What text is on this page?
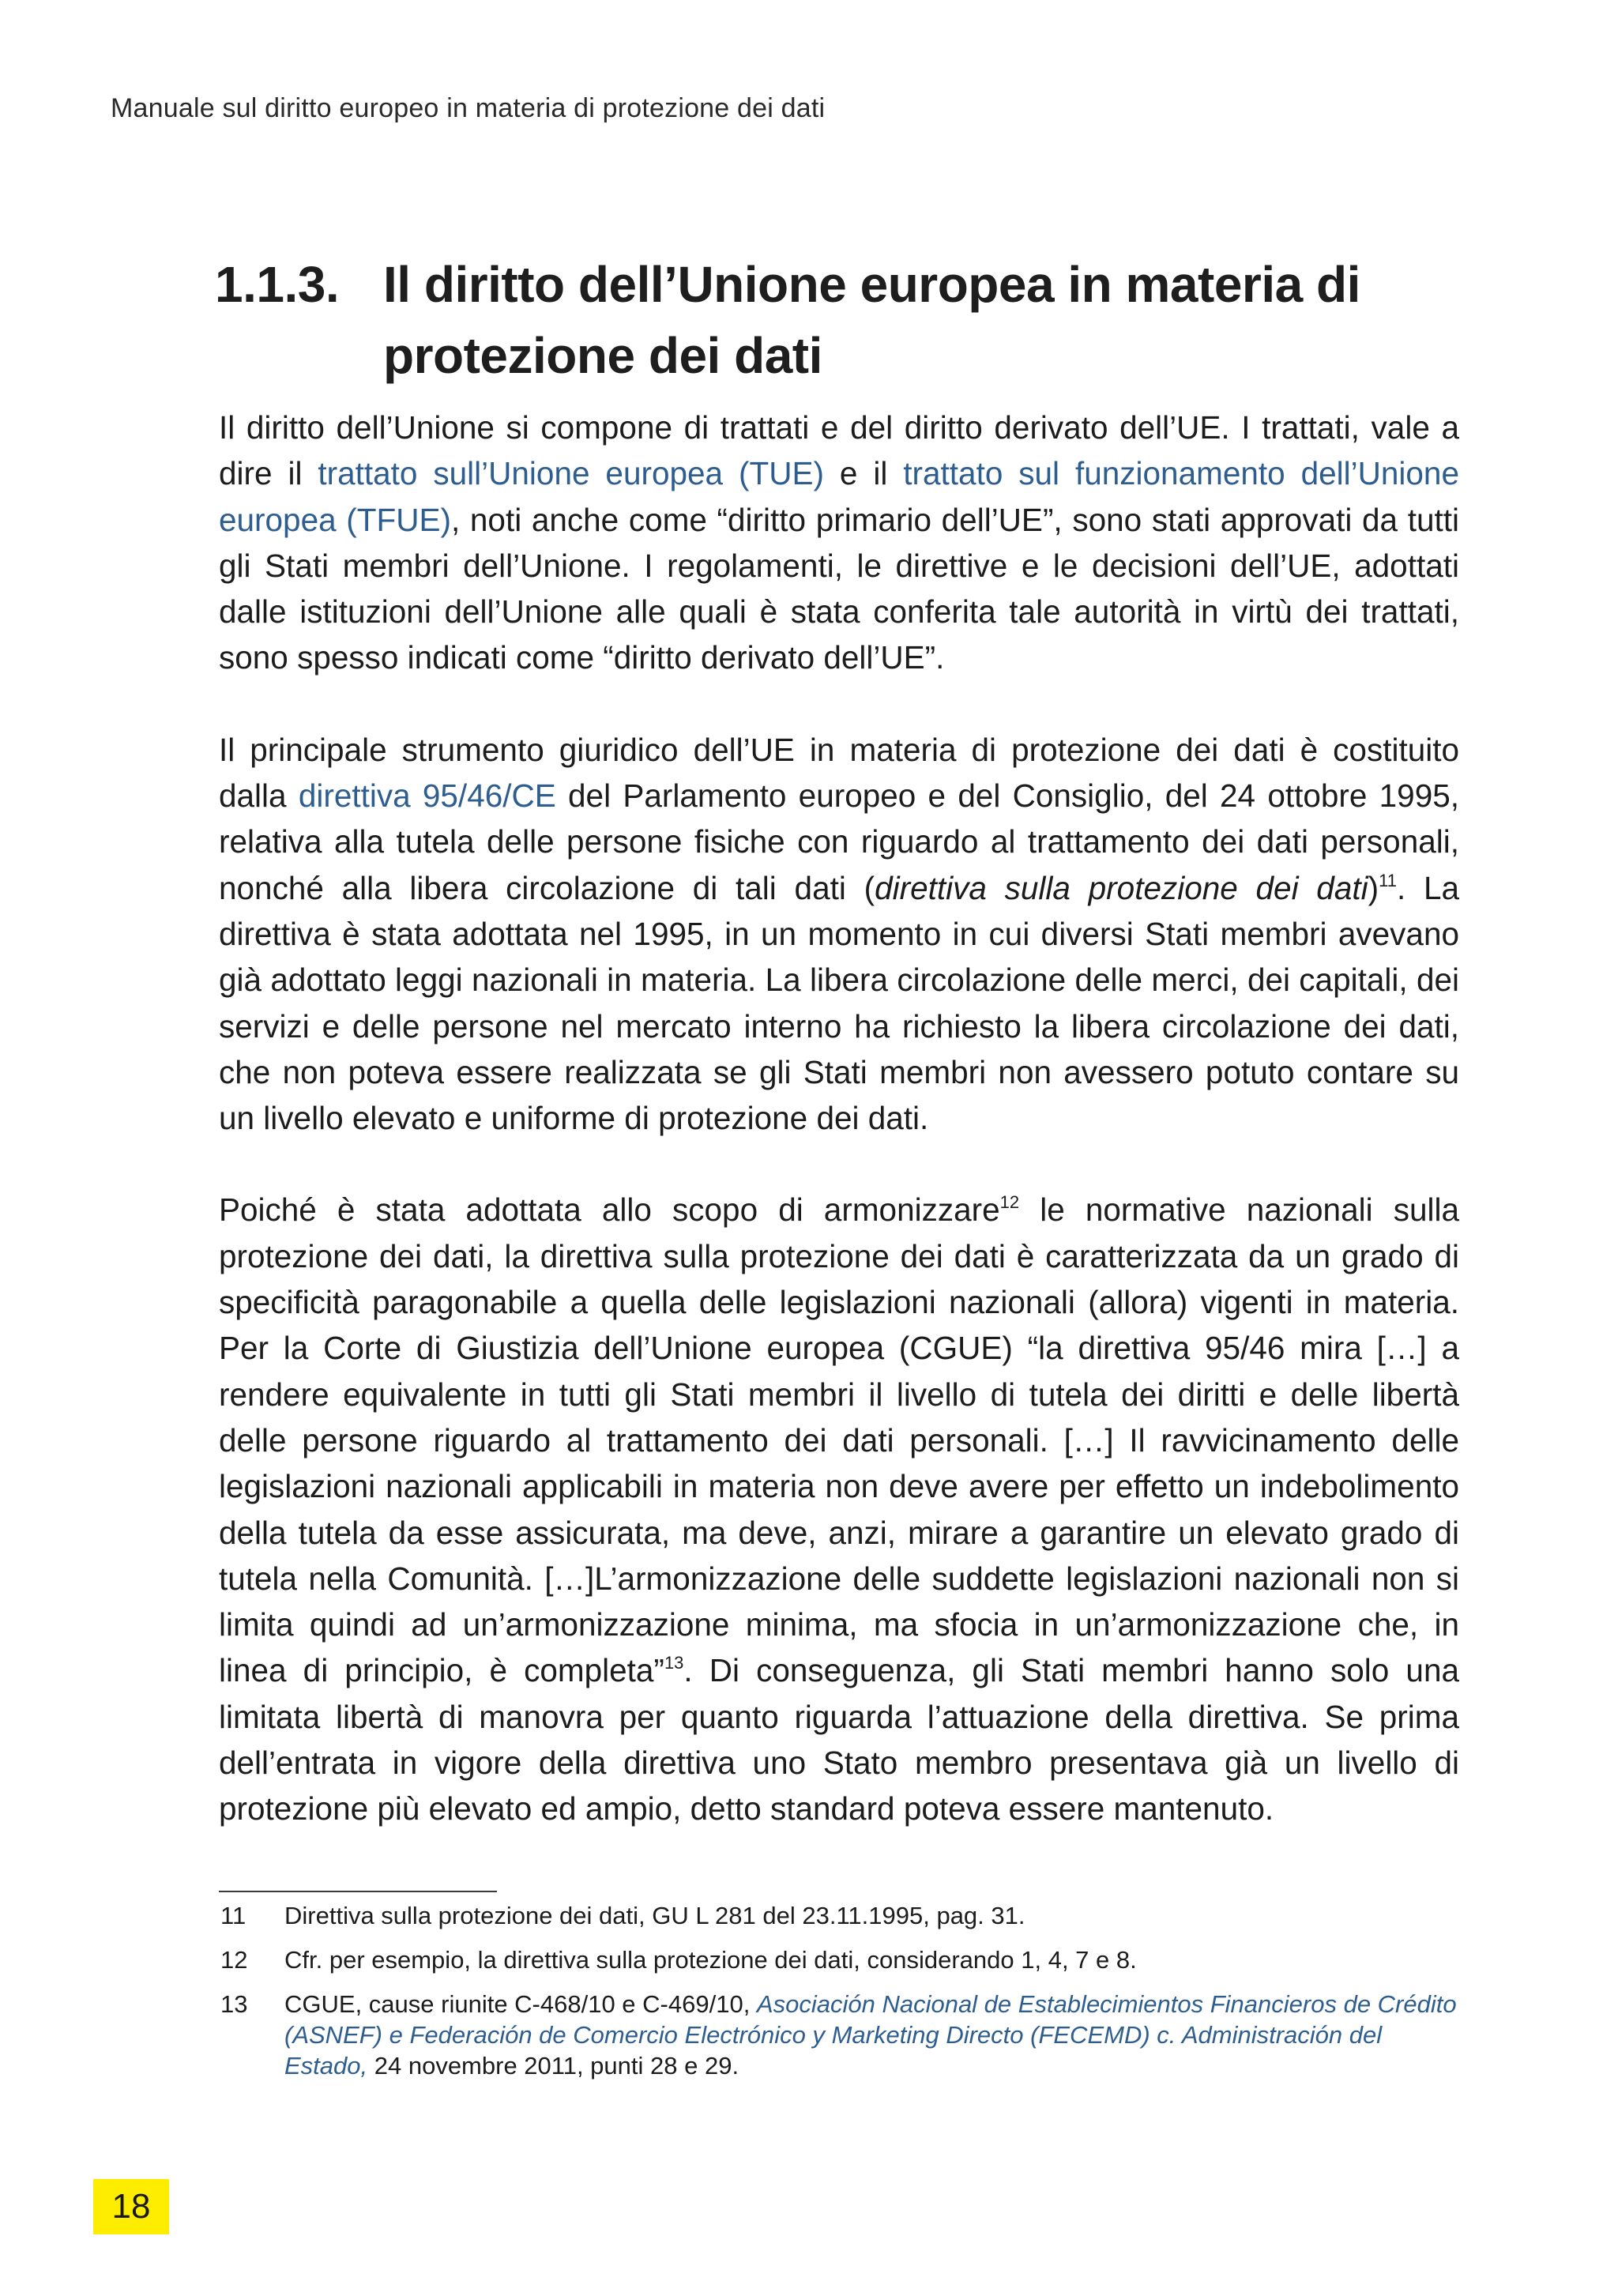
Manuale sul diritto europeo in materia di protezione dei dati
1.1.3. Il diritto dell’Unione europea in materia di protezione dei dati

Il diritto dell’Unione si compone di trattati e del diritto derivato dell’UE. I trattati, vale a dire il trattato sull’Unione europea (TUE) e il trattato sul funzionamento dell’Unione europea (TFUE), noti anche come “diritto primario dell’UE”, sono stati approvati da tutti gli Stati membri dell’Unione. I regolamenti, le direttive e le decisioni dell’UE, adottati dalle istituzioni dell’Unione alle quali è stata conferita tale autorità in virtù dei trattati, sono spesso indicati come “diritto derivato dell’UE”.

Il principale strumento giuridico dell’UE in materia di protezione dei dati è costituito dalla direttiva 95/46/CE del Parlamento europeo e del Consiglio, del 24 ottobre 1995, relativa alla tutela delle persone fisiche con riguardo al trattamento dei dati personali, nonché alla libera circolazione di tali dati (direttiva sulla protezione dei dati)$^{11}$. La direttiva è stata adottata nel 1995, in un momento in cui diversi Stati membri avevano già adottato leggi nazionali in materia. La libera circolazione delle merci, dei capitali, dei servizi e delle persone nel mercato interno ha richiesto la libera circolazione dei dati, che non poteva essere realizzata se gli Stati membri non avessero potuto contare su un livello elevato e uniforme di protezione dei dati.

Poiché è stata adottata allo scopo di armonizzare$^{12}$ le normative nazionali sulla protezione dei dati, la direttiva sulla protezione dei dati è caratterizzata da un grado di specificità paragonabile a quella delle legislazioni nazionali (allora) vigenti in materia. Per la Corte di Giustizia dell’Unione europea (CGUE) “la direttiva 95/46 mira […] a rendere equivalente in tutti gli Stati membri il livello di tutela dei diritti e delle libertà delle persone riguardo al trattamento dei dati personali. […] Il ravvicinamento delle legislazioni nazionali applicabili in materia non deve avere per effetto un indebolimento della tutela da esse assicurata, ma deve, anzi, mirare a garantire un elevato grado di tutela nella Comunità. […]L’armonizzazione delle suddette legislazioni nazionali non si limita quindi ad un’armonizzazione minima, ma sfocia in un’armonizzazione che, in linea di principio, è completa”$^{13}$. Di conseguenza, gli Stati membri hanno solo una limitata libertà di manovra per quanto riguarda l’attuazione della direttiva. Se prima dell’entrata in vigore della direttiva uno Stato membro presentava già un livello di protezione più elevato ed ampio, detto standard poteva essere mantenuto.

11 Direttiva sulla protezione dei dati, GU L 281 del 23.11.1995, pag. 31.
12 Cfr. per esempio, la direttiva sulla protezione dei dati, considerando 1, 4, 7 e 8.
13 CGUE, cause riunite C-468/10 e C-469/10, Asociación Nacional de Establecimientos Financieros de Crédito (ASNEF) e Federación de Comercio Electrónico y Marketing Directo (FECEMD) c. Administración del Estado, 24 novembre 2011, punti 28 e 29.
18
